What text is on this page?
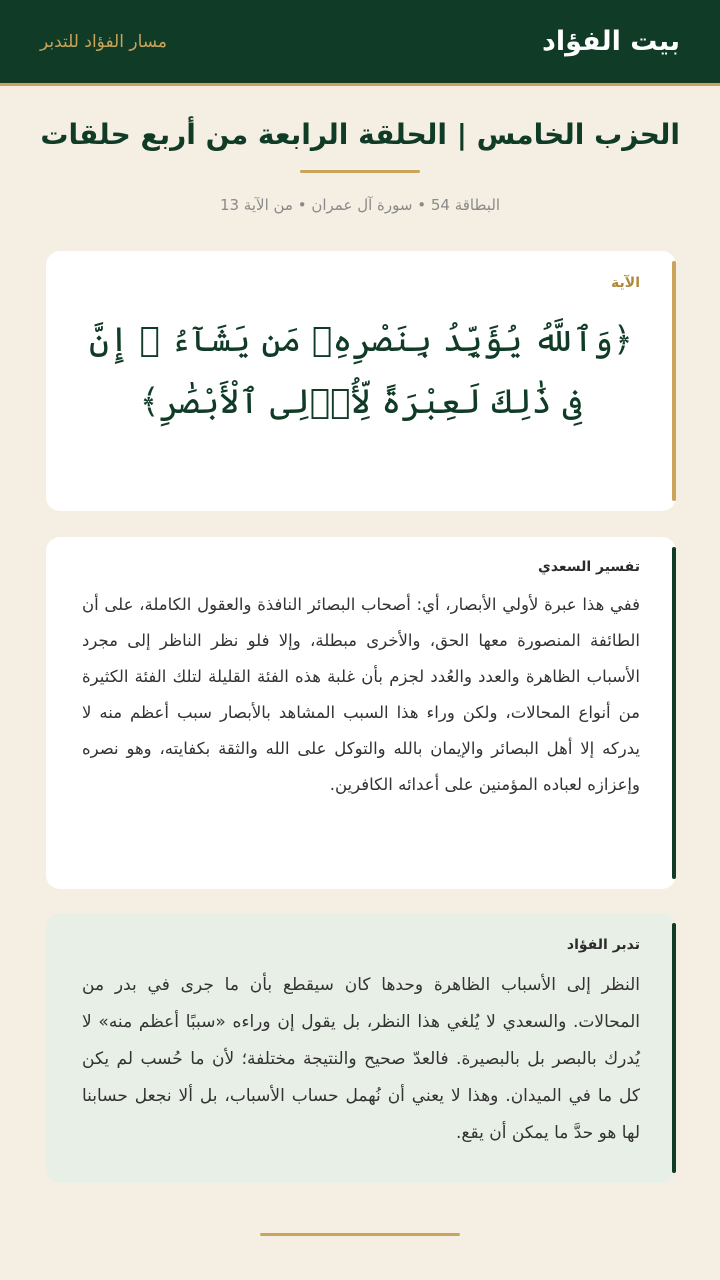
بيت الفؤاد
مسار الفؤاد للتدبر
الحزب الخامس | الحلقة الرابعة من أربع حلقات
البطاقة 54 • سورة آل عمران • من الآية 13
الآية
﴿وَٱللَّهُ يُؤَيِّدُ بِنَصْرِهِۦ مَن يَشَآءُ ۗ إِنَّ فِى ذَٰلِكَ لَعِبْرَةً لِّأُو۟لِى ٱلْأَبْصَٰرِ﴾
تفسير السعدي

ففي هذا عبرة لأولي الأبصار، أي: أصحاب البصائر النافذة والعقول الكاملة، على أن الطائفة المنصورة معها الحق، والأخرى مبطلة، وإلا فلو نظر الناظر إلى مجرد الأسباب الظاهرة والعدد والعُدد لجزم بأن غلبة هذه الفئة القليلة لتلك الفئة الكثيرة من أنواع المحالات، ولكن وراء هذا السبب المشاهد بالأبصار سبب أعظم منه لا يدركه إلا أهل البصائر والإيمان بالله والتوكل على الله والثقة بكفايته، وهو نصره وإعزازه لعباده المؤمنين على أعدائه الكافرين.

تدبر الفؤاد

النظر إلى الأسباب الظاهرة وحدها كان سيقطع بأن ما جرى في بدر من المحالات. والسعدي لا يُلغي هذا النظر، بل يقول إن وراءه «سببًا أعظم منه» لا يُدرك بالبصر بل بالبصيرة. فالعدّ صحيح والنتيجة مختلفة؛ لأن ما حُسب لم يكن كل ما في الميدان. وهذا لا يعني أن نُهمل حساب الأسباب، بل ألا نجعل حسابنا لها هو حدَّ ما يمكن أن يقع.
